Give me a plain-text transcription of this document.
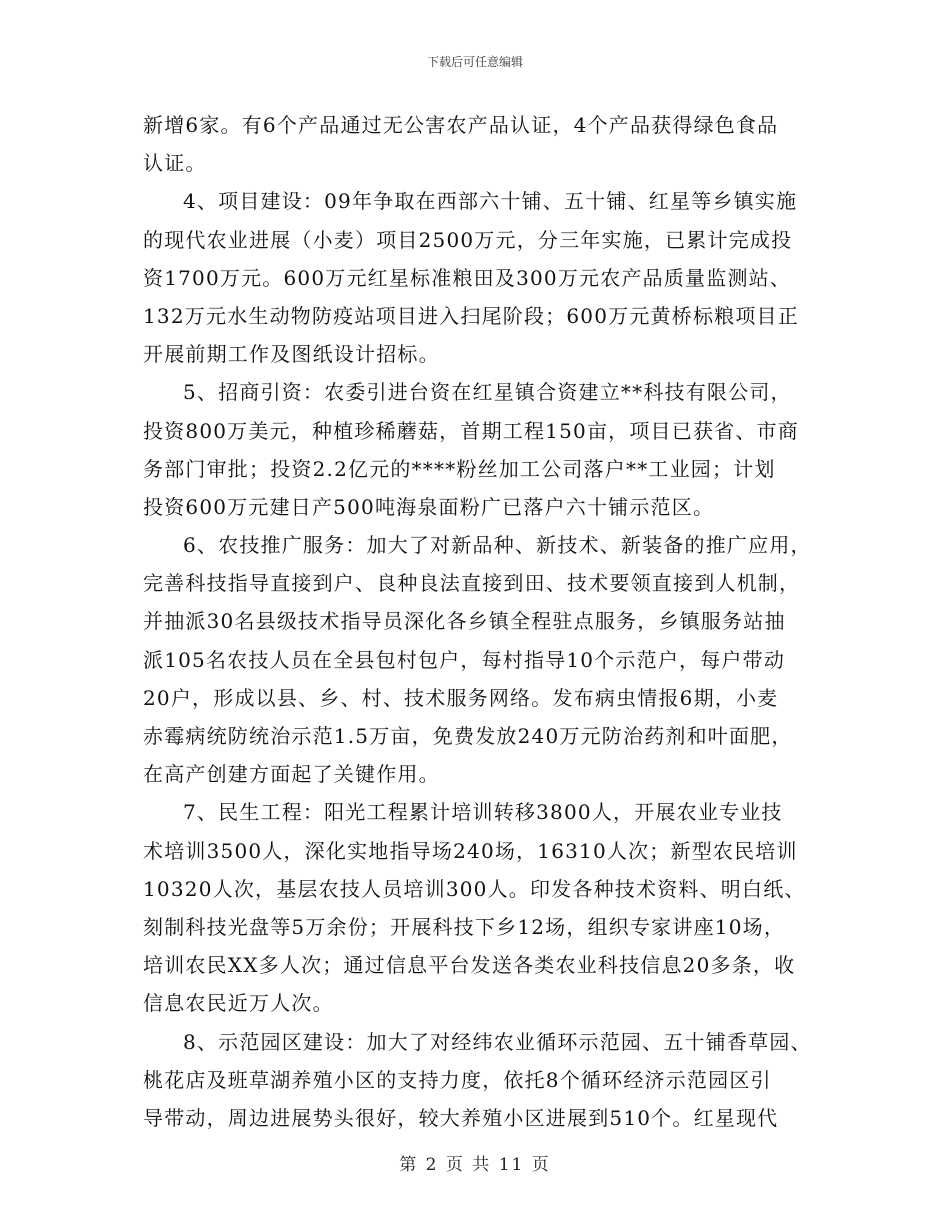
下载后可任意编辑
新增6家。有6个产品通过无公害农产品认证，4个产品获得绿色食品
认证。
4、项目建设：09年争取在西部六十铺、五十铺、红星等乡镇实施
的现代农业进展（小麦）项目2500万元，分三年实施，已累计完成投
资1700万元。600万元红星标准粮田及300万元农产品质量监测站、
132万元水生动物防疫站项目进入扫尾阶段；600万元黄桥标粮项目正
开展前期工作及图纸设计招标。
5、招商引资：农委引进台资在红星镇合资建立**科技有限公司，
投资800万美元，种植珍稀蘑菇，首期工程150亩，项目已获省、市商
务部门审批；投资2.2亿元的****粉丝加工公司落户**工业园；计划
投资600万元建日产500吨海泉面粉广已落户六十铺示范区。
6、农技推广服务：加大了对新品种、新技术、新装备的推广应用，
完善科技指导直接到户、良种良法直接到田、技术要领直接到人机制，
并抽派30名县级技术指导员深化各乡镇全程驻点服务，乡镇服务站抽
派105名农技人员在全县包村包户，每村指导10个示范户，每户带动
20户，形成以县、乡、村、技术服务网络。发布病虫情报6期，小麦
赤霉病统防统治示范1.5万亩，免费发放240万元防治药剂和叶面肥，
在高产创建方面起了关键作用。
7、民生工程：阳光工程累计培训转移3800人，开展农业专业技
术培训3500人，深化实地指导场240场，16310人次；新型农民培训
10320人次，基层农技人员培训300人。印发各种技术资料、明白纸、
刻制科技光盘等5万余份；开展科技下乡12场，组织专家讲座10场，
培训农民XX多人次；通过信息平台发送各类农业科技信息20多条，收
信息农民近万人次。
8、示范园区建设：加大了对经纬农业循环示范园、五十铺香草园、
桃花店及班草湖养殖小区的支持力度，依托8个循环经济示范园区引
导带动，周边进展势头很好，较大养殖小区进展到510个。红星现代
第 2 页 共 11 页
